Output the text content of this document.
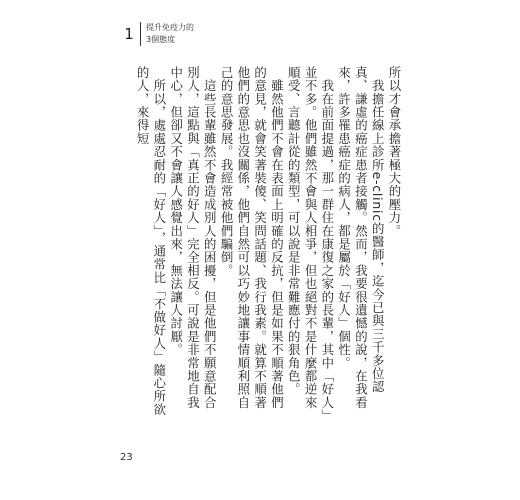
1 提升免疫力的
3個態度

所以才會承擔著極大的壓力。

　我擔任線上診所e-clinic的醫師，迄今已與三千多位認真、謙虛的癌症患者接觸。然而，我要很遺憾的說，在我看來，許多罹患癌症的病人，都是屬於「好人」個性。

　我在前面提過，那一群住在康復之家的長輩，其中「好人」並不多。他們雖然不會與人相爭，但也絕對不是什麼都逆來順受、言聽計從的類型，可以說是非常難應付的狠角色。

　雖然他們不會在表面上明確的反抗，但是如果不順著他們的意見，就會笑著裝傻、笑問話題、我行我素。就算不順著他們的意思也沒關係，他們自然可以巧妙地讓事情順利照自己的意思發展。我經常被他們騙倒。

　這些長輩雖然不會造成別人的困擾，但是他們不願意配合別人，這點與「真正的好人」完全相反。可說是非常地自我中心，但卻又不會讓人感覺出來，無法讓人討厭。

　所以，處處忍耐的「好人」，通常比「不做好人」隨心所欲的人，來得短

23
